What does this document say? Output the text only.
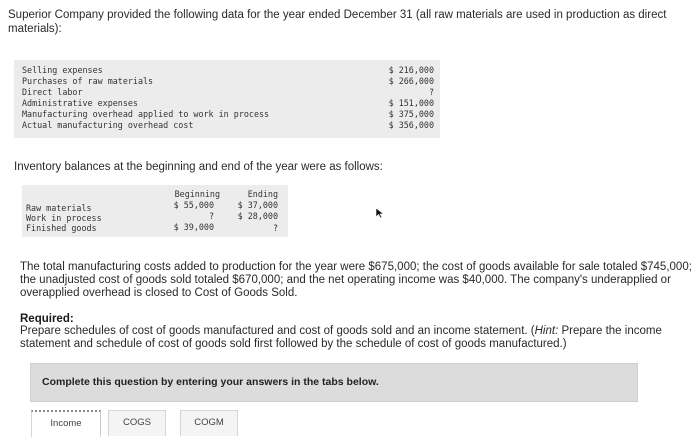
Superior Company provided the following data for the year ended December 31 (all raw materials are used in production as direct materials):
Selling expenses	$ 216,000
Purchases of raw materials	$ 266,000
Direct labor	?
Administrative expenses	$ 151,000
Manufacturing overhead applied to work in process	$ 375,000
Actual manufacturing overhead cost	$ 356,000
Inventory balances at the beginning and end of the year were as follows:
Beginning	Ending
Raw materials	$ 55,000	$ 37,000
Work in process	?	$ 28,000
Finished goods	$ 39,000	?
The total manufacturing costs added to production for the year were $675,000; the cost of goods available for sale totaled $745,000; the unadjusted cost of goods sold totaled $670,000; and the net operating income was $40,000. The company's underapplied or overapplied overhead is closed to Cost of Goods Sold.
Required:
Prepare schedules of cost of goods manufactured and cost of goods sold and an income statement. (Hint: Prepare the income statement and schedule of cost of goods sold first followed by the schedule of cost of goods manufactured.)
Complete this question by entering your answers in the tabs below.
Income	COGS	COGM
